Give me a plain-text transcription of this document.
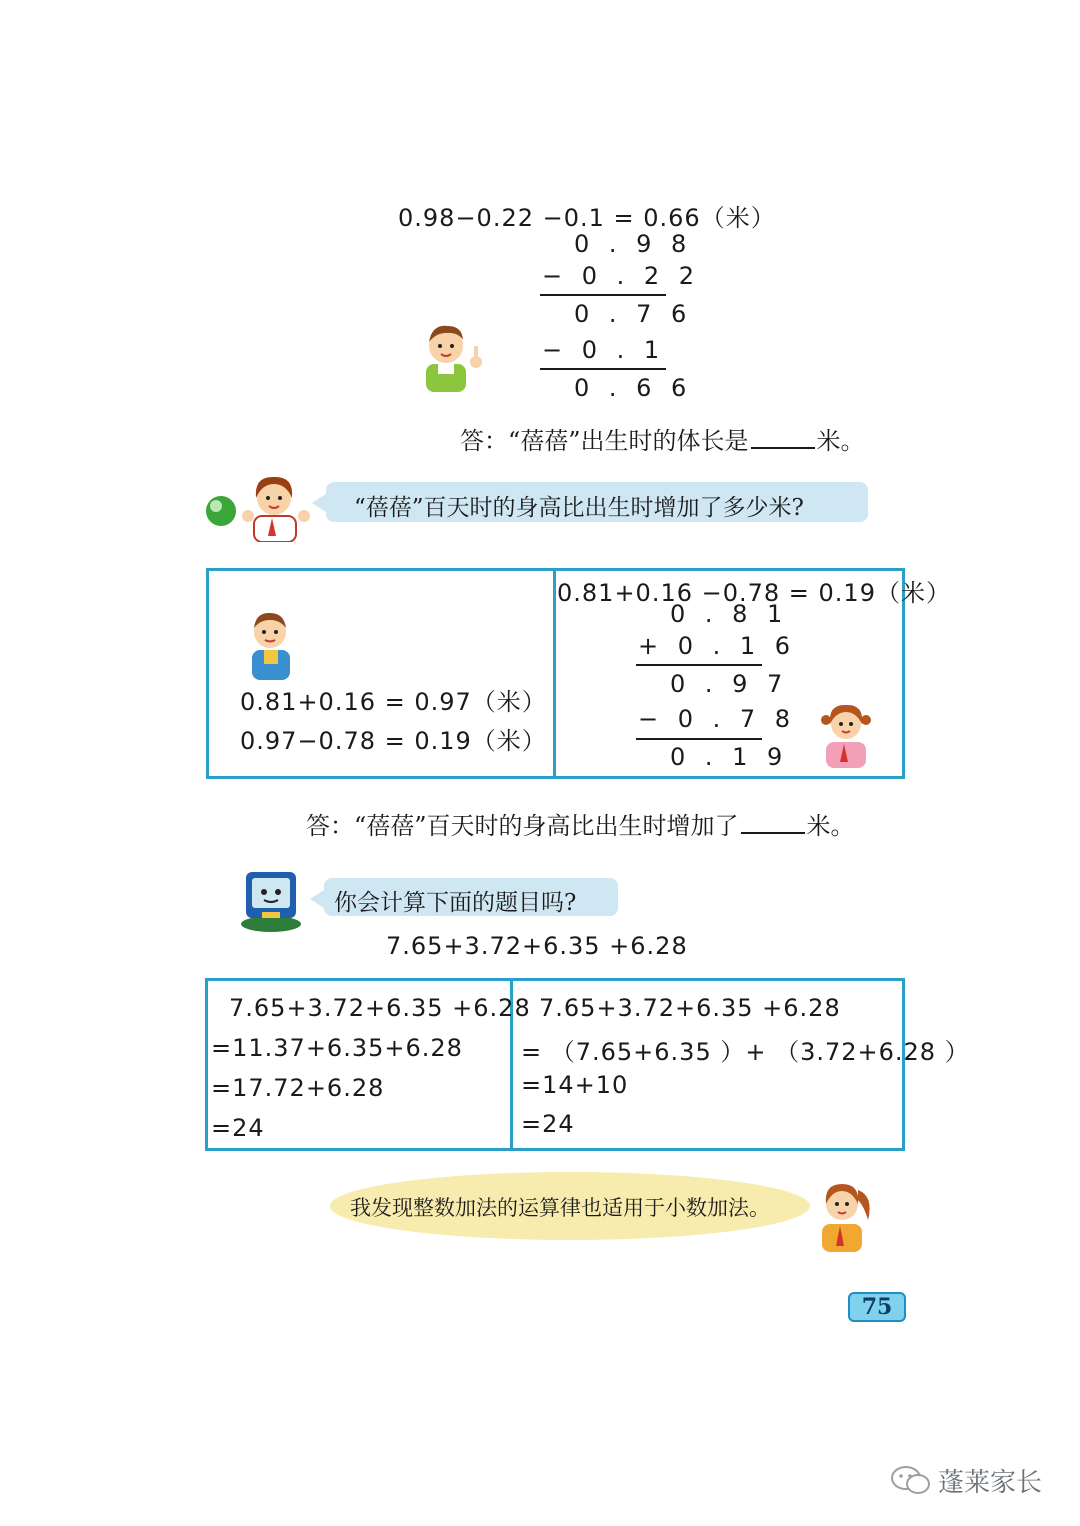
0.98−0.22 −0.1 = 0.66（米）
0 . 9 8
− 0 . 2 2
0 . 7 6
− 0 . 1
0 . 6 6
答：“蓓蓓”出生时的体长是	米。
“蓓蓓”百天时的身高比出生时增加了多少米?
0.81+0.16 = 0.97（米）
0.97−0.78 = 0.19（米）
0.81+0.16 −0.78 = 0.19（米）
0 . 8 1
+ 0 . 1 6
0 . 9 7
− 0 . 7 8
0 . 1 9
答：“蓓蓓”百天时的身高比出生时增加了	米。
你会计算下面的题目吗?
7.65+3.72+6.35 +6.28
7.65+3.72+6.35 +6.28
=11.37+6.35+6.28
=17.72+6.28
=24
7.65+3.72+6.35 +6.28
= （7.65+6.35 ）+ （3.72+6.28 ）
=14+10
=24
我发现整数加法的运算律也适用于小数加法。
75
蓬莱家长
